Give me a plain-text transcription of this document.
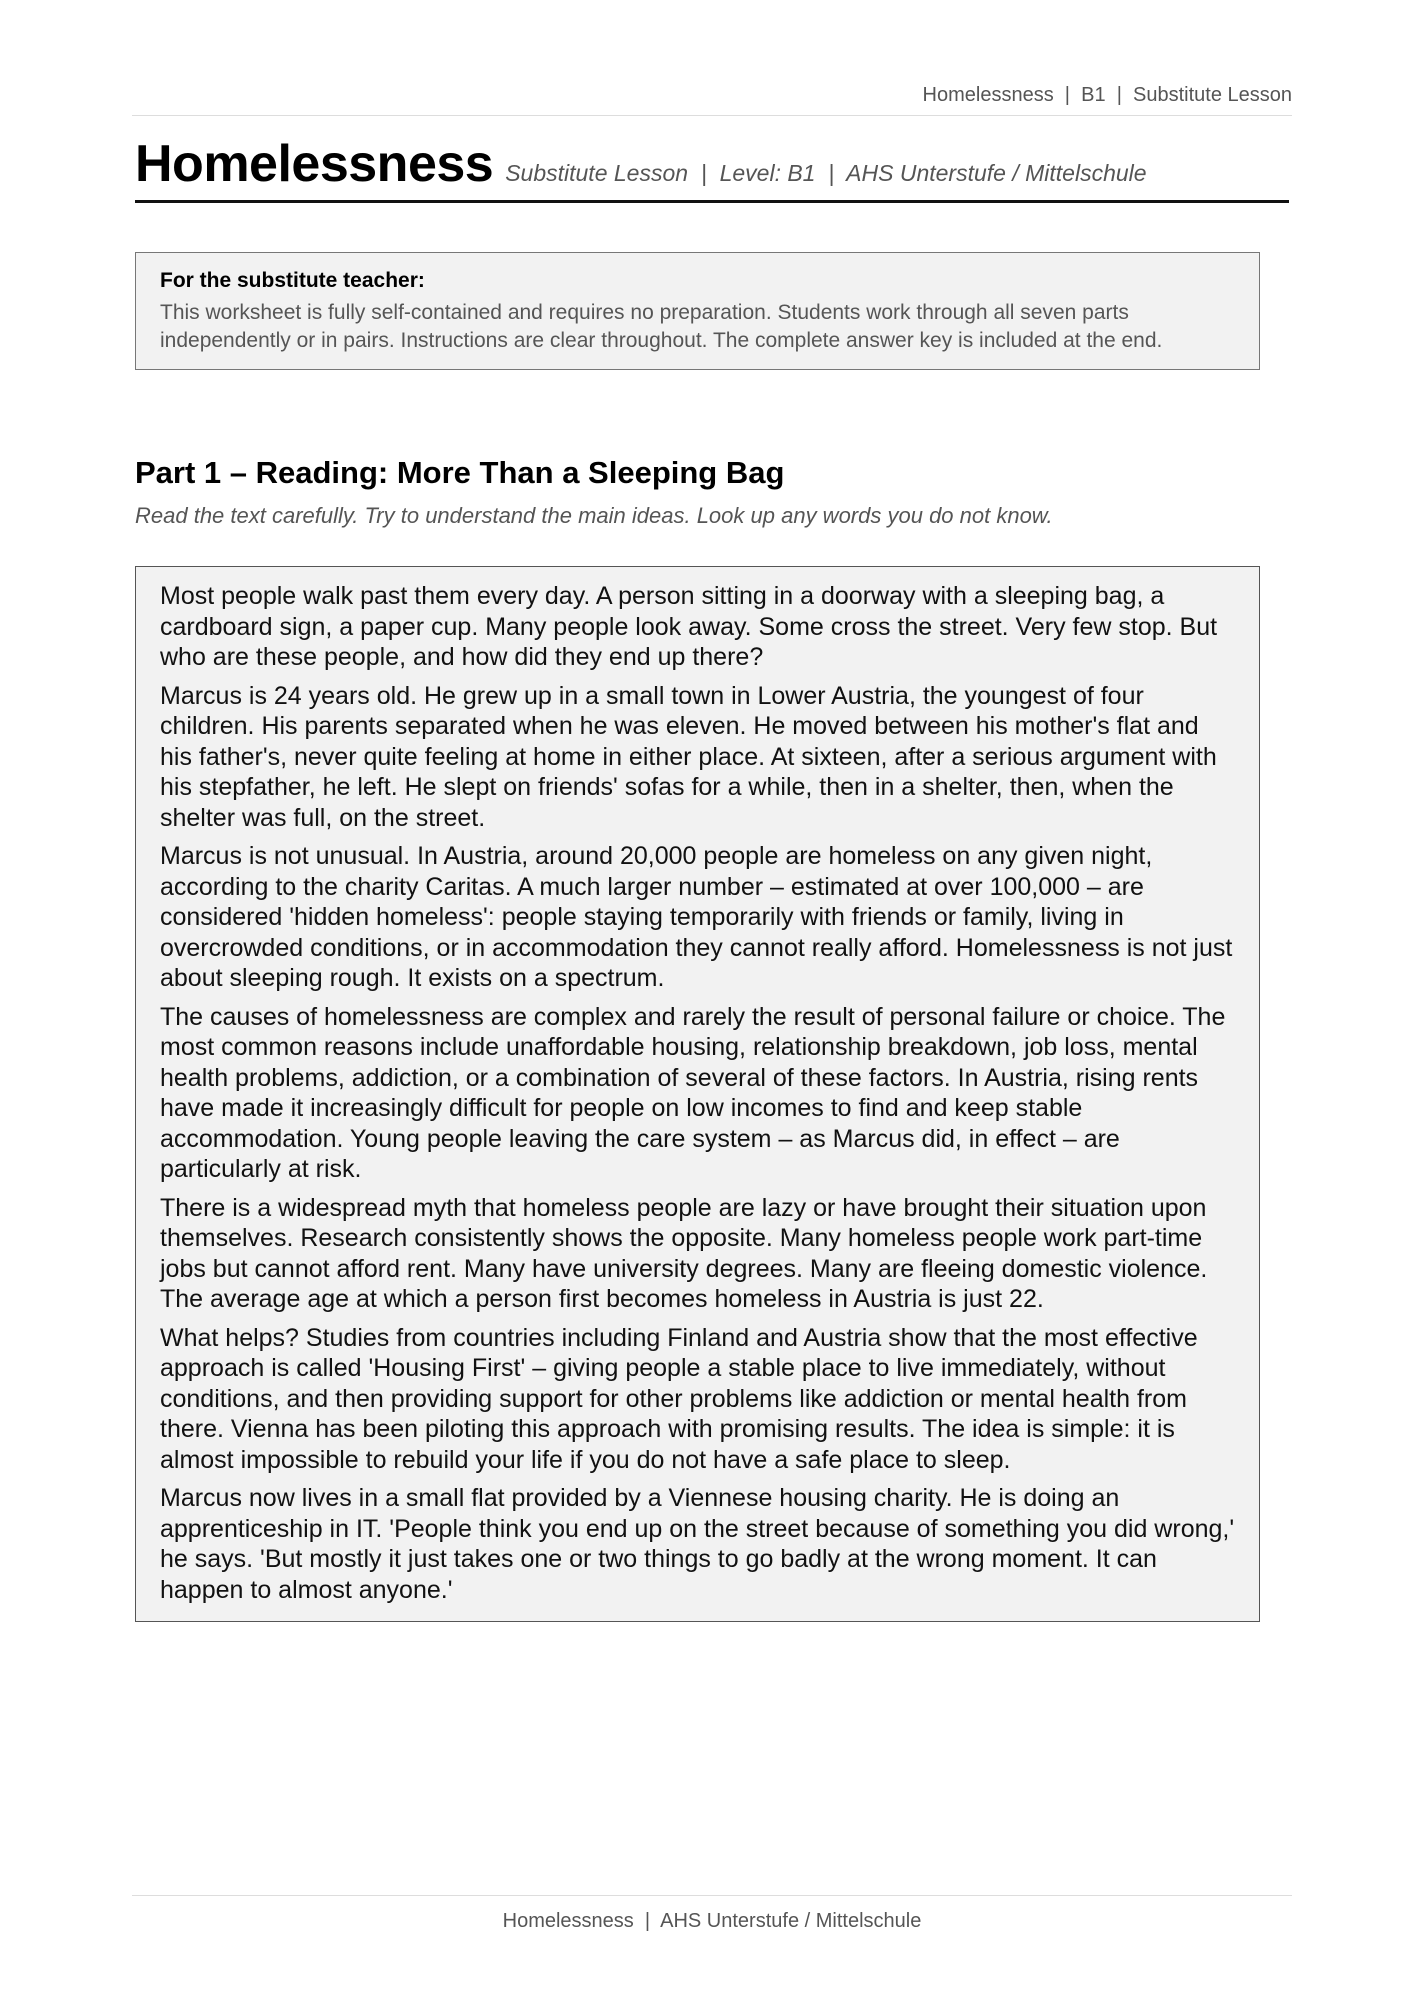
Homelessness  |  B1  |  Substitute Lesson
Homelessness Substitute Lesson  |  Level: B1  |  AHS Unterstufe / Mittelschule
For the substitute teacher:
This worksheet is fully self-contained and requires no preparation. Students work through all seven parts independently or in pairs. Instructions are clear throughout. The complete answer key is included at the end.
Part 1 – Reading: More Than a Sleeping Bag
Read the text carefully. Try to understand the main ideas. Look up any words you do not know.

Most people walk past them every day. A person sitting in a doorway with a sleeping bag, a cardboard sign, a paper cup. Many people look away. Some cross the street. Very few stop. But who are these people, and how did they end up there?

Marcus is 24 years old. He grew up in a small town in Lower Austria, the youngest of four children. His parents separated when he was eleven. He moved between his mother's flat and his father's, never quite feeling at home in either place. At sixteen, after a serious argument with his stepfather, he left. He slept on friends' sofas for a while, then in a shelter, then, when the shelter was full, on the street.

Marcus is not unusual. In Austria, around 20,000 people are homeless on any given night, according to the charity Caritas. A much larger number – estimated at over 100,000 – are considered 'hidden homeless': people staying temporarily with friends or family, living in overcrowded conditions, or in accommodation they cannot really afford. Homelessness is not just about sleeping rough. It exists on a spectrum.

The causes of homelessness are complex and rarely the result of personal failure or choice. The most common reasons include unaffordable housing, relationship breakdown, job loss, mental health problems, addiction, or a combination of several of these factors. In Austria, rising rents have made it increasingly difficult for people on low incomes to find and keep stable accommodation. Young people leaving the care system – as Marcus did, in effect – are particularly at risk.

There is a widespread myth that homeless people are lazy or have brought their situation upon themselves. Research consistently shows the opposite. Many homeless people work part-time jobs but cannot afford rent. Many have university degrees. Many are fleeing domestic violence. The average age at which a person first becomes homeless in Austria is just 22.

What helps? Studies from countries including Finland and Austria show that the most effective approach is called 'Housing First' – giving people a stable place to live immediately, without conditions, and then providing support for other problems like addiction or mental health from there. Vienna has been piloting this approach with promising results. The idea is simple: it is almost impossible to rebuild your life if you do not have a safe place to sleep.

Marcus now lives in a small flat provided by a Viennese housing charity. He is doing an apprenticeship in IT. 'People think you end up on the street because of something you did wrong,' he says. 'But mostly it just takes one or two things to go badly at the wrong moment. It can happen to almost anyone.'

Homelessness  |  AHS Unterstufe / Mittelschule
